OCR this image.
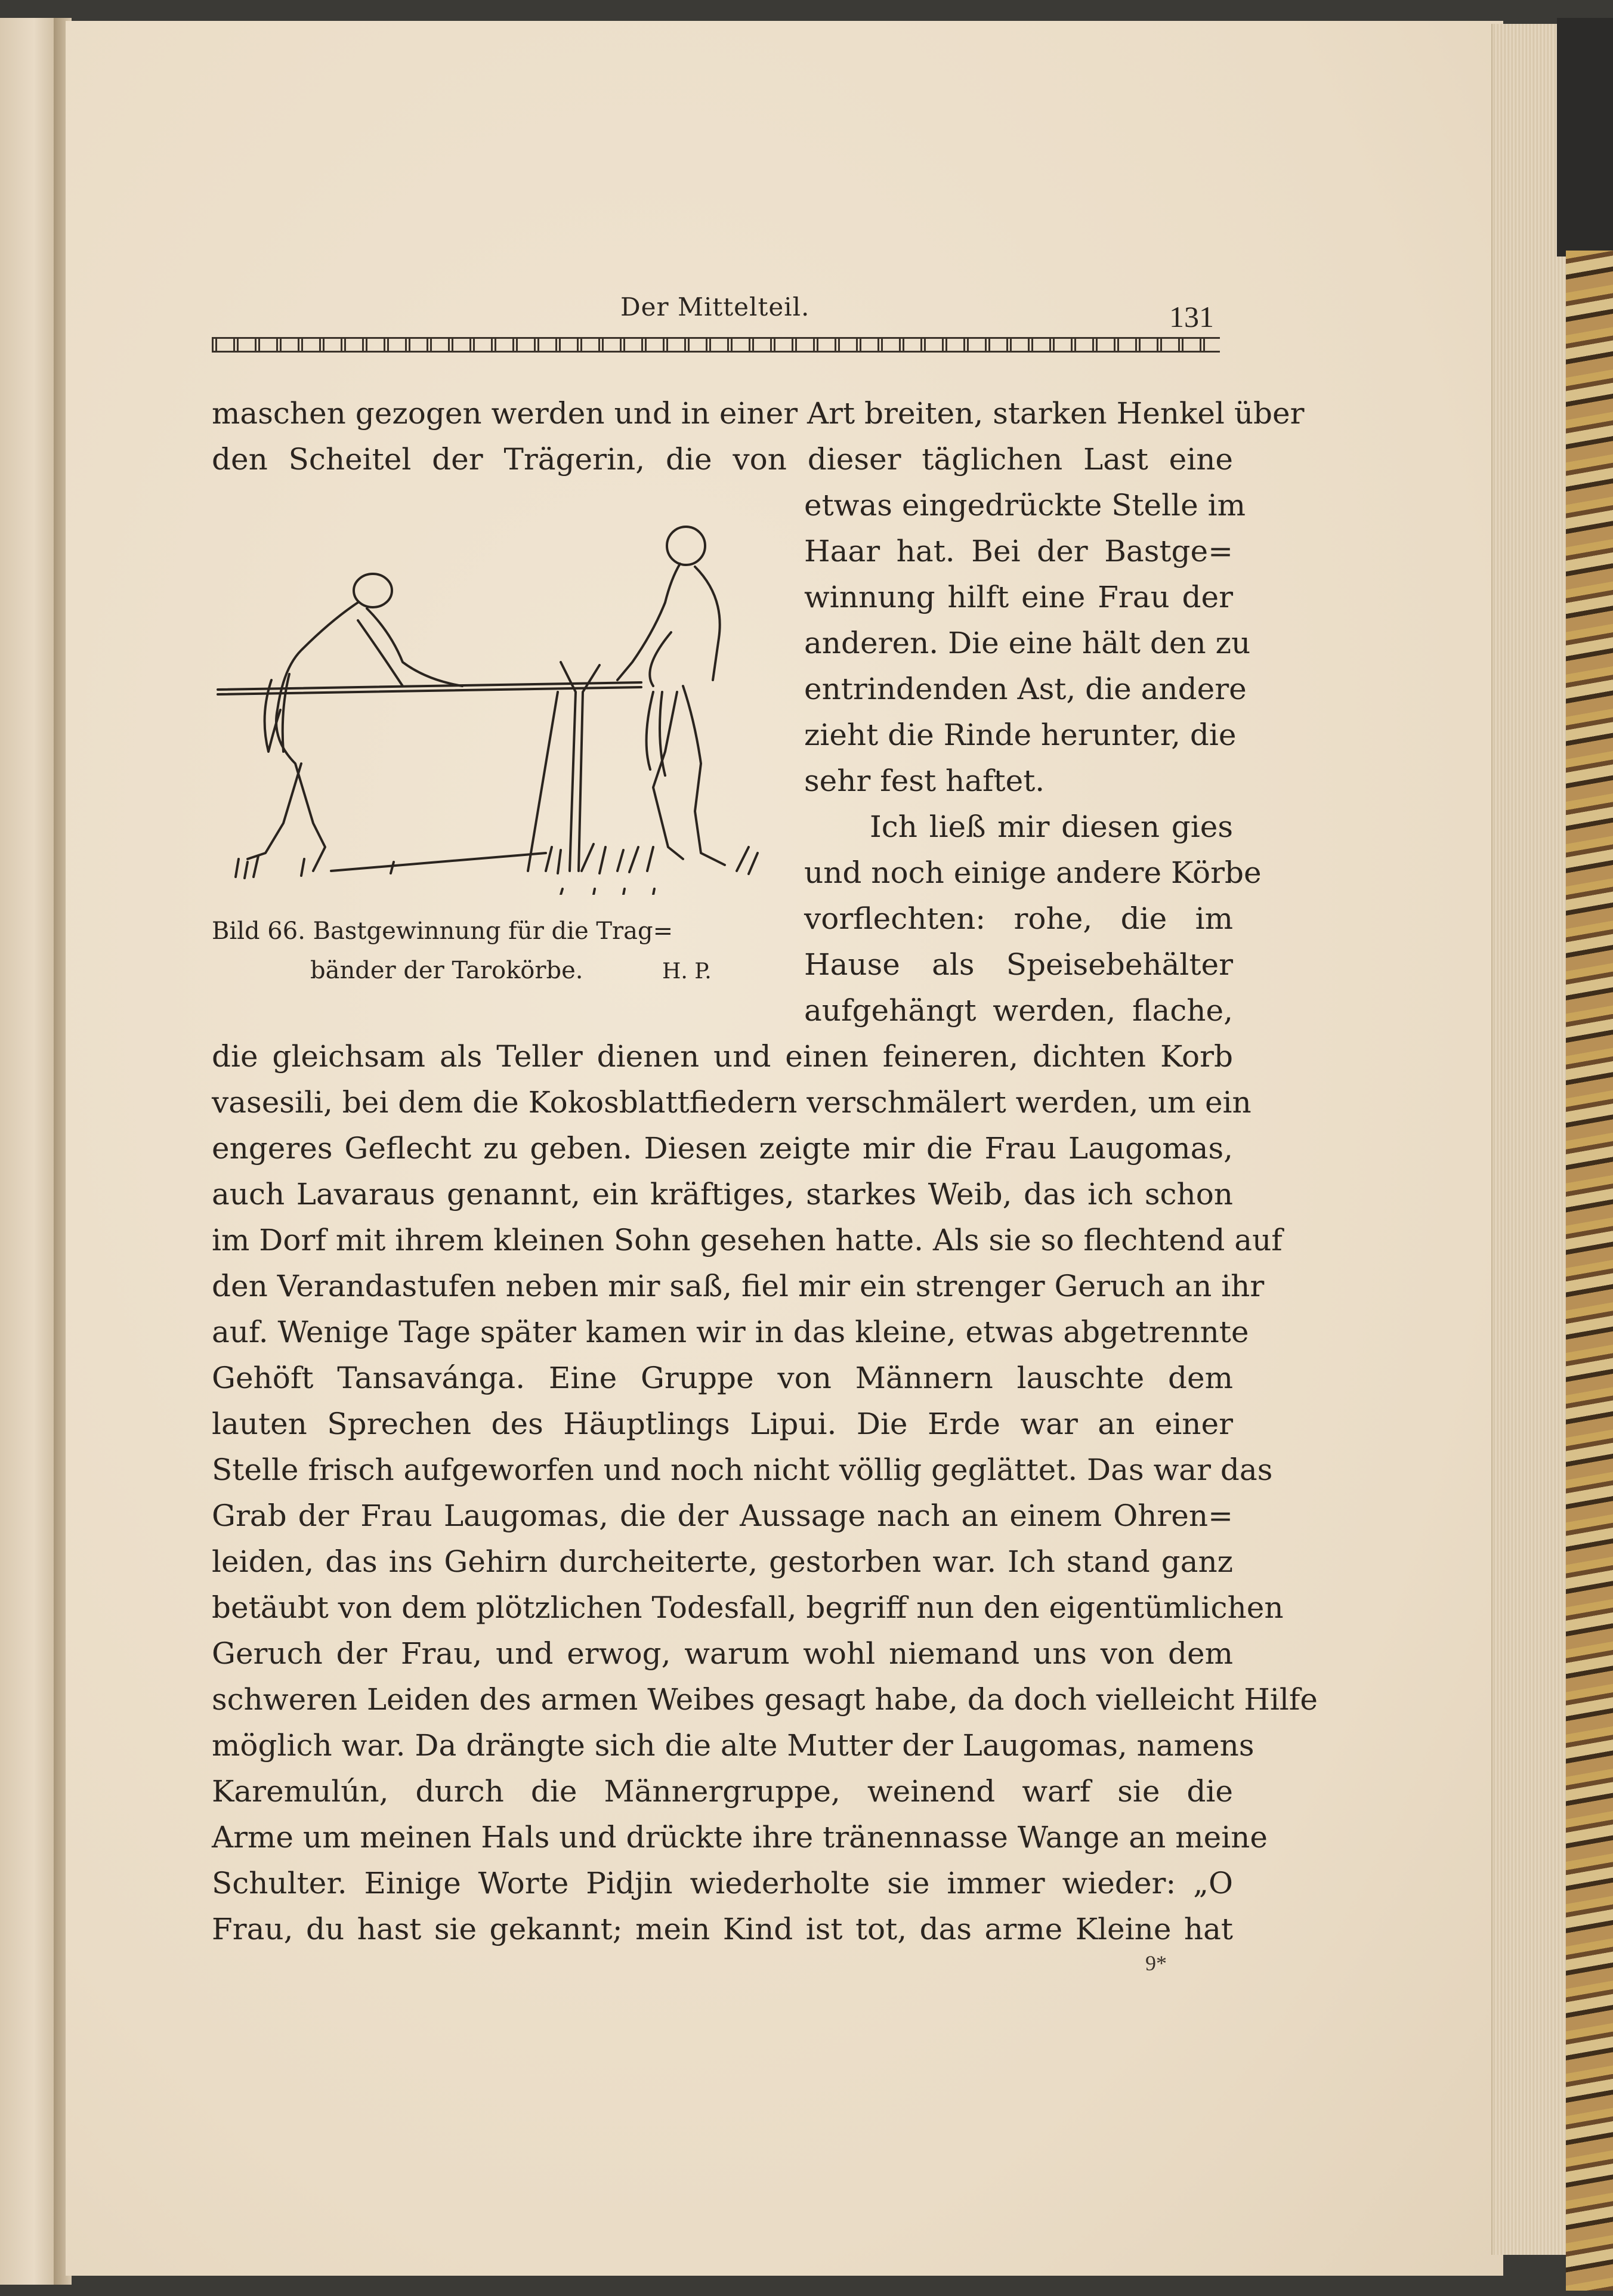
Der Mittelteil.	131
maschen gezogen werden und in einer Art breiten, starken Henkel über
den Scheitel der Trägerin, die von dieser täglichen Last eine
etwas eingedrückte Stelle im
Haar hat. Bei der Bastge=
winnung hilft eine Frau der
anderen. Die eine hält den zu
entrindenden Ast, die andere
zieht die Rinde herunter, die
sehr fest haftet.
Ich ließ mir diesen gies
und noch einige andere Körbe
vorflechten: rohe, die im
Hause als Speisebehälter
aufgehängt werden, flache,
Bild 66. Bastgewinnung für die Trag=
bänder der Tarokörbe.	H. P.
die gleichsam als Teller dienen und einen feineren, dichten Korb
vasesili, bei dem die Kokosblattfiedern verschmälert werden, um ein
engeres Geflecht zu geben. Diesen zeigte mir die Frau Laugomas,
auch Lavaraus genannt, ein kräftiges, starkes Weib, das ich schon
im Dorf mit ihrem kleinen Sohn gesehen hatte. Als sie so flechtend auf
den Verandastufen neben mir saß, fiel mir ein strenger Geruch an ihr
auf. Wenige Tage später kamen wir in das kleine, etwas abgetrennte
Gehöft Tansavánga. Eine Gruppe von Männern lauschte dem
lauten Sprechen des Häuptlings Lipui. Die Erde war an einer
Stelle frisch aufgeworfen und noch nicht völlig geglättet. Das war das
Grab der Frau Laugomas, die der Aussage nach an einem Ohren=
leiden, das ins Gehirn durcheiterte, gestorben war. Ich stand ganz
betäubt von dem plötzlichen Todesfall, begriff nun den eigentümlichen
Geruch der Frau, und erwog, warum wohl niemand uns von dem
schweren Leiden des armen Weibes gesagt habe, da doch vielleicht Hilfe
möglich war. Da drängte sich die alte Mutter der Laugomas, namens
Karemulún, durch die Männergruppe, weinend warf sie die
Arme um meinen Hals und drückte ihre tränennasse Wange an meine
Schulter. Einige Worte Pidjin wiederholte sie immer wieder: „O
Frau, du hast sie gekannt; mein Kind ist tot, das arme Kleine hat
9*
